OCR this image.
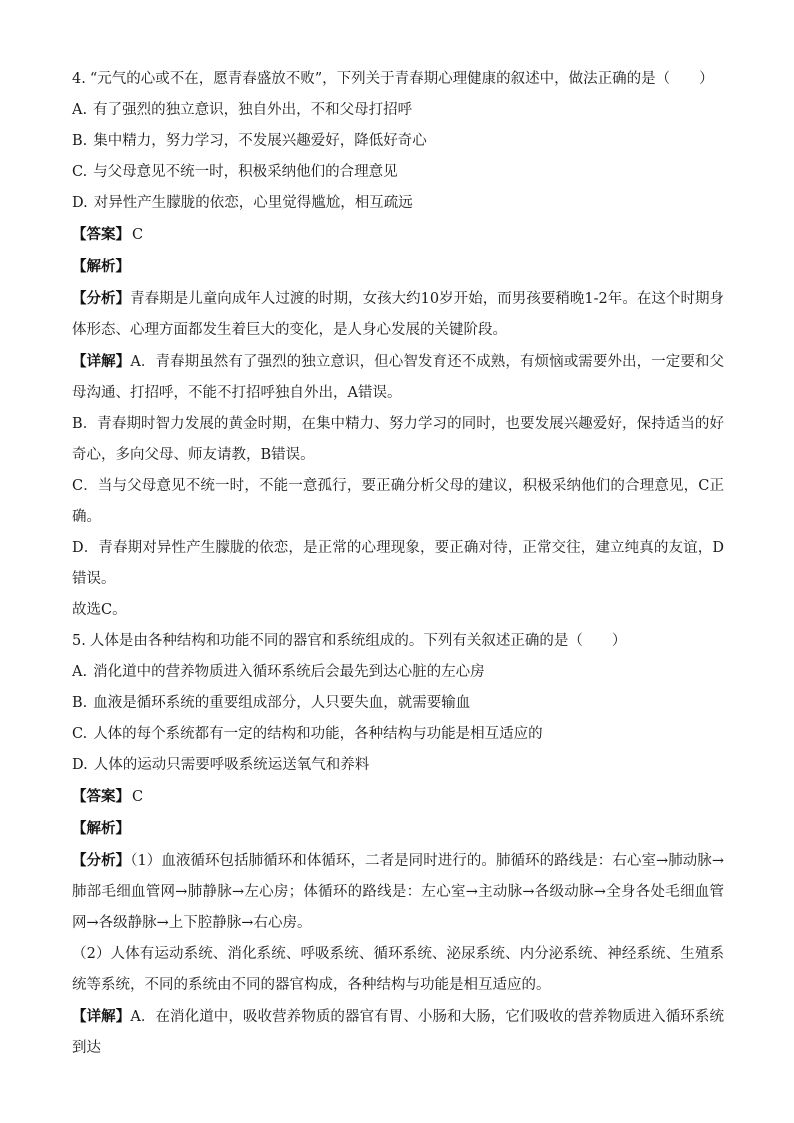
4. “元气的心或不在，愿青春盛放不败”，下列关于青春期心理健康的叙述中，做法正确的是（　　）

A. 有了强烈的独立意识，独自外出，不和父母打招呼

B. 集中精力，努力学习，不发展兴趣爱好，降低好奇心

C. 与父母意见不统一时，积极采纳他们的合理意见

D. 对异性产生朦胧的依恋，心里觉得尴尬，相互疏远

【答案】 C

【解析】

【分析】青春期是儿童向成年人过渡的时期，女孩大约10岁开始，而男孩要稍晚1-2年。在这个时期身体形态、心理方面都发生着巨大的变化，是人身心发展的关键阶段。

【详解】A．青春期虽然有了强烈的独立意识，但心智发育还不成熟，有烦恼或需要外出，一定要和父母沟通、打招呼，不能不打招呼独自外出，A错误。

B．青春期时智力发展的黄金时期，在集中精力、努力学习的同时，也要发展兴趣爱好，保持适当的好奇心，多向父母、师友请教，B错误。

C．当与父母意见不统一时，不能一意孤行，要正确分析父母的建议，积极采纳他们的合理意见，C正确。

D．青春期对异性产生朦胧的依恋，是正常的心理现象，要正确对待，正常交往，建立纯真的友谊，D错误。

故选C。

5. 人体是由各种结构和功能不同的器官和系统组成的。下列有关叙述正确的是（　　）

A. 消化道中的营养物质进入循环系统后会最先到达心脏的左心房

B. 血液是循环系统的重要组成部分，人只要失血，就需要输血

C. 人体的每个系统都有一定的结构和功能，各种结构与功能是相互适应的

D. 人体的运动只需要呼吸系统运送氧气和养料

【答案】 C

【解析】

【分析】（1）血液循环包括肺循环和体循环，二者是同时进行的。肺循环的路线是：右心室→肺动脉→肺部毛细血管网→肺静脉→左心房；体循环的路线是：左心室→主动脉→各级动脉→全身各处毛细血管网→各级静脉→上下腔静脉→右心房。

（2）人体有运动系统、消化系统、呼吸系统、循环系统、泌尿系统、内分泌系统、神经系统、生殖系统等系统，不同的系统由不同的器官构成，各种结构与功能是相互适应的。

【详解】A．在消化道中，吸收营养物质的器官有胃、小肠和大肠，它们吸收的营养物质进入循环系统到达
